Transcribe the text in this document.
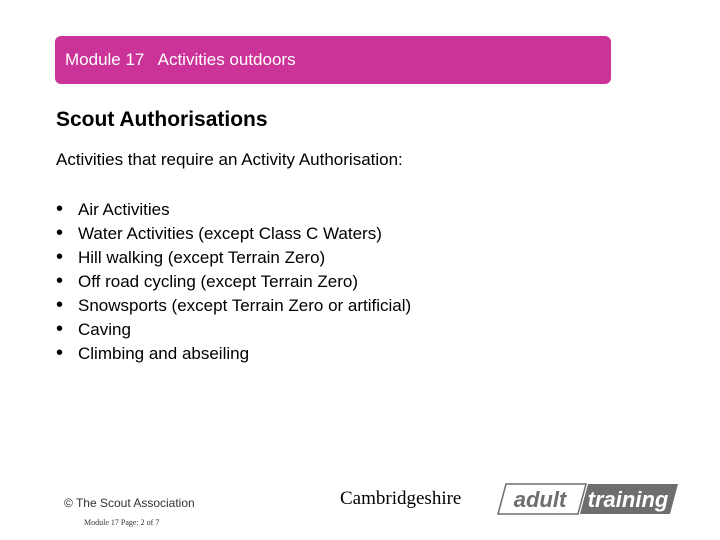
Module 17   Activities outdoors
Scout Authorisations
Activities that require an Activity Authorisation:
• Air Activities
• Water Activities (except Class C Waters)
• Hill walking (except Terrain Zero)
• Off road cycling (except Terrain Zero)
• Snowsports (except Terrain Zero or artificial)
• Caving
• Climbing and abseiling
© The Scout Association
Module 17 Page: 2 of 7
Cambridgeshire adult training
